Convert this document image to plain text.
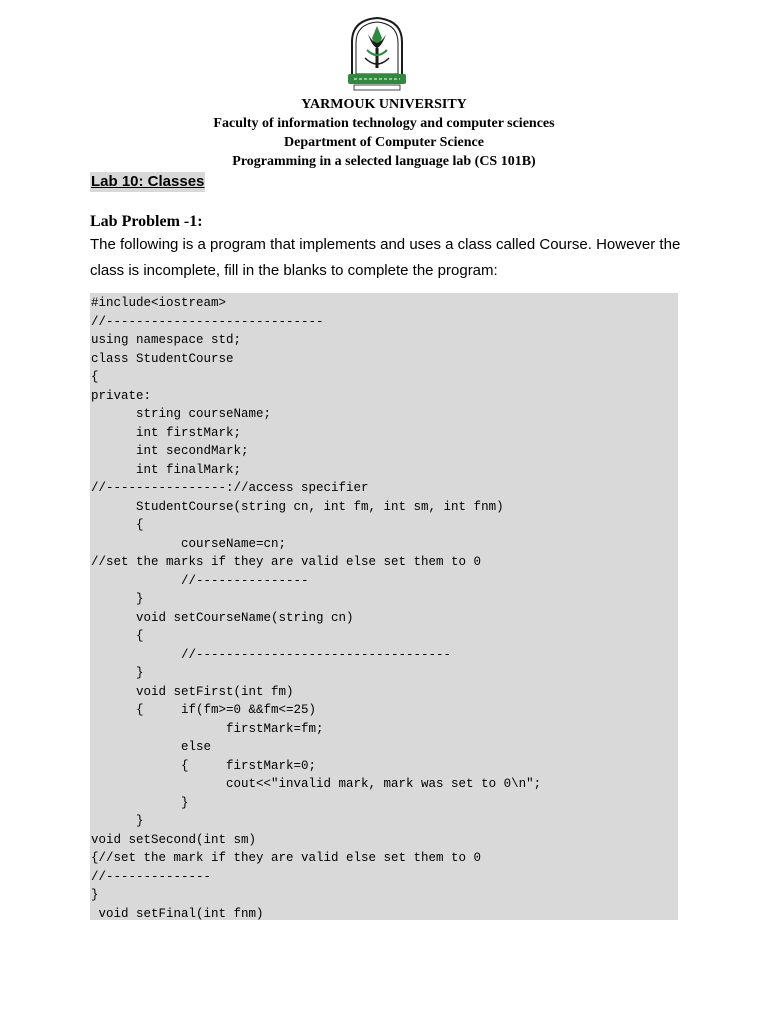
YARMOUK UNIVERSITY
Faculty of information technology and computer sciences
Department of Computer Science
Programming in a selected language lab (CS 101B)
Lab 10: Classes
Lab Problem -1:
The following is a program that implements and uses a class called Course. However the class is incomplete, fill in the blanks to complete the program:
#include<iostream>
//-----------------------------
using namespace std;
class StudentCourse
{
private:
string courseName;
int firstMark;
int secondMark;
int finalMark;
//----------------://access specifier
StudentCourse(string cn, int fm, int sm, int fnm)
{
courseName=cn;
//set the marks if they are valid else set them to 0
//---------------
}
void setCourseName(string cn)
{
//----------------------------------
}
void setFirst(int fm)
{     if(fm>=0 &&fm<=25)
firstMark=fm;
else
{     firstMark=0;
cout<<"invalid mark, mark was set to 0\n";
}
}
void setSecond(int sm)
{//set the mark if they are valid else set them to 0
//--------------
}
void setFinal(int fnm)
